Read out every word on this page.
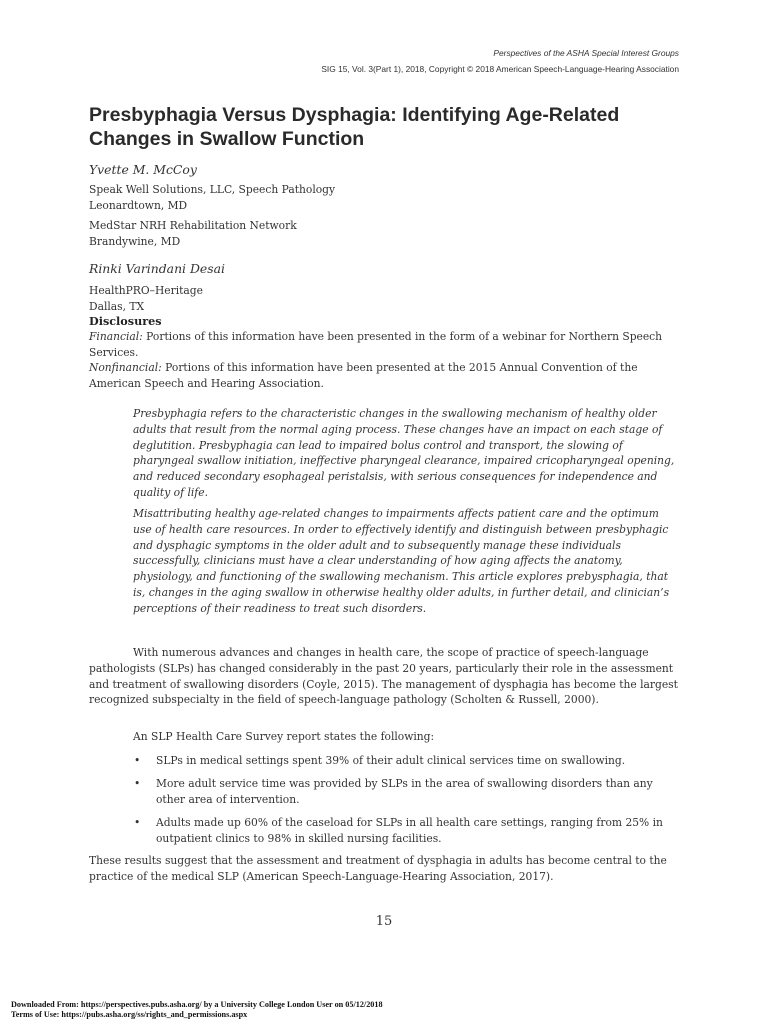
Perspectives of the ASHA Special Interest Groups
SIG 15, Vol. 3(Part 1), 2018, Copyright © 2018 American Speech-Language-Hearing Association
Presbyphagia Versus Dysphagia: Identifying Age-Related Changes in Swallow Function
Yvette M. McCoy
Speak Well Solutions, LLC, Speech Pathology
Leonardtown, MD
MedStar NRH Rehabilitation Network
Brandywine, MD
Rinki Varindani Desai
HealthPRO–Heritage
Dallas, TX
Disclosures
Financial: Portions of this information have been presented in the form of a webinar for Northern Speech Services.
Nonfinancial: Portions of this information have been presented at the 2015 Annual Convention of the American Speech and Hearing Association.

Presbyphagia refers to the characteristic changes in the swallowing mechanism of healthy older adults that result from the normal aging process. These changes have an impact on each stage of deglutition. Presbyphagia can lead to impaired bolus control and transport, the slowing of pharyngeal swallow initiation, ineffective pharyngeal clearance, impaired cricopharyngeal opening, and reduced secondary esophageal peristalsis, with serious consequences for independence and quality of life.

Misattributing healthy age-related changes to impairments affects patient care and the optimum use of health care resources. In order to effectively identify and distinguish between presbyphagic and dysphagic symptoms in the older adult and to subsequently manage these individuals successfully, clinicians must have a clear understanding of how aging affects the anatomy, physiology, and functioning of the swallowing mechanism. This article explores prebysphagia, that is, changes in the aging swallow in otherwise healthy older adults, in further detail, and clinician’s perceptions of their readiness to treat such disorders.

With numerous advances and changes in health care, the scope of practice of speech-language pathologists (SLPs) has changed considerably in the past 20 years, particularly their role in the assessment and treatment of swallowing disorders (Coyle, 2015). The management of dysphagia has become the largest recognized subspecialty in the field of speech-language pathology (Scholten & Russell, 2000).

An SLP Health Care Survey report states the following:

• SLPs in medical settings spent 39% of their adult clinical services time on swallowing.
• More adult service time was provided by SLPs in the area of swallowing disorders than any other area of intervention.
• Adults made up 60% of the caseload for SLPs in all health care settings, ranging from 25% in outpatient clinics to 98% in skilled nursing facilities.

These results suggest that the assessment and treatment of dysphagia in adults has become central to the practice of the medical SLP (American Speech-Language-Hearing Association, 2017).

15
Downloaded From: https://perspectives.pubs.asha.org/ by a University College London User on 05/12/2018
Terms of Use: https://pubs.asha.org/ss/rights_and_permissions.aspx
